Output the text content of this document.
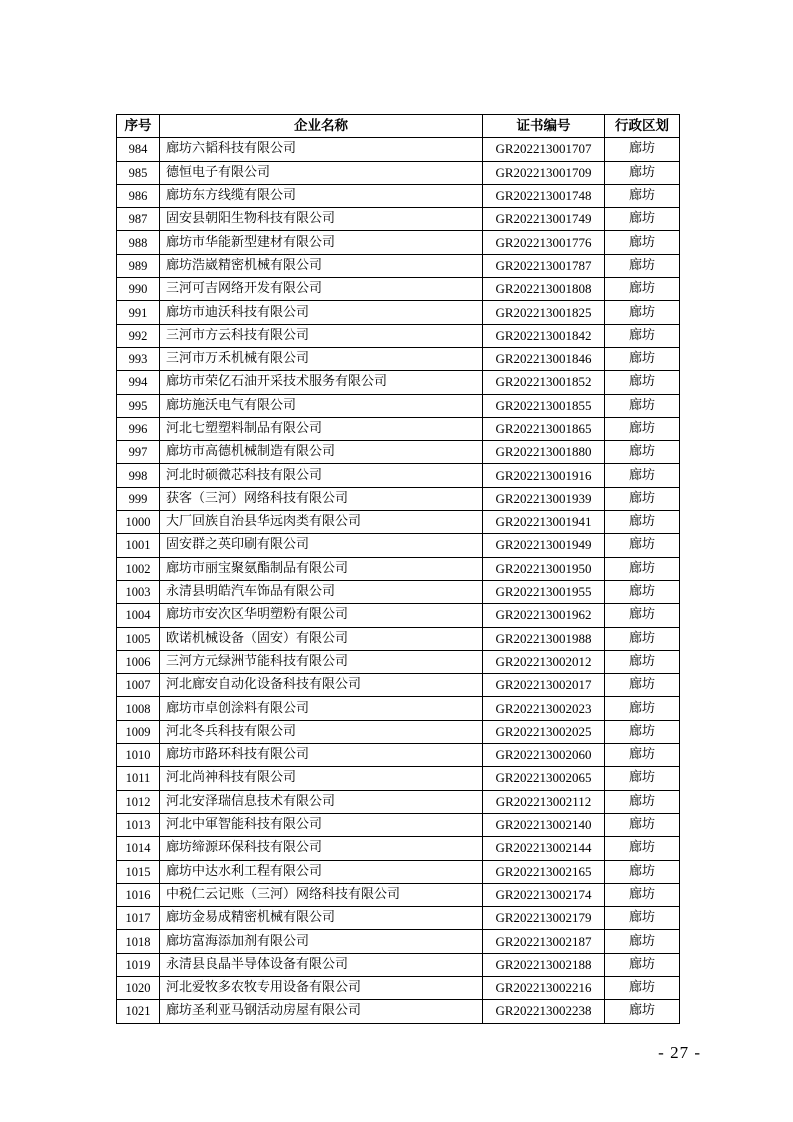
序号	企业名称	证书编号	行政区划
984	廊坊六韬科技有限公司	GR202213001707	廊坊
985	德恒电子有限公司	GR202213001709	廊坊
986	廊坊东方线缆有限公司	GR202213001748	廊坊
987	固安县朝阳生物科技有限公司	GR202213001749	廊坊
988	廊坊市华能新型建材有限公司	GR202213001776	廊坊
989	廊坊浩崴精密机械有限公司	GR202213001787	廊坊
990	三河可吉网络开发有限公司	GR202213001808	廊坊
991	廊坊市迪沃科技有限公司	GR202213001825	廊坊
992	三河市方云科技有限公司	GR202213001842	廊坊
993	三河市万禾机械有限公司	GR202213001846	廊坊
994	廊坊市荣亿石油开采技术服务有限公司	GR202213001852	廊坊
995	廊坊施沃电气有限公司	GR202213001855	廊坊
996	河北七塑塑料制品有限公司	GR202213001865	廊坊
997	廊坊市高德机械制造有限公司	GR202213001880	廊坊
998	河北时硕微芯科技有限公司	GR202213001916	廊坊
999	获客（三河）网络科技有限公司	GR202213001939	廊坊
1000	大厂回族自治县华远肉类有限公司	GR202213001941	廊坊
1001	固安群之英印刷有限公司	GR202213001949	廊坊
1002	廊坊市丽宝聚氨酯制品有限公司	GR202213001950	廊坊
1003	永清县明皓汽车饰品有限公司	GR202213001955	廊坊
1004	廊坊市安次区华明塑粉有限公司	GR202213001962	廊坊
1005	欧诺机械设备（固安）有限公司	GR202213001988	廊坊
1006	三河方元绿洲节能科技有限公司	GR202213002012	廊坊
1007	河北廊安自动化设备科技有限公司	GR202213002017	廊坊
1008	廊坊市卓创涂料有限公司	GR202213002023	廊坊
1009	河北冬兵科技有限公司	GR202213002025	廊坊
1010	廊坊市路环科技有限公司	GR202213002060	廊坊
1011	河北尚神科技有限公司	GR202213002065	廊坊
1012	河北安泽瑞信息技术有限公司	GR202213002112	廊坊
1013	河北中軍智能科技有限公司	GR202213002140	廊坊
1014	廊坊缔源环保科技有限公司	GR202213002144	廊坊
1015	廊坊中达水利工程有限公司	GR202213002165	廊坊
1016	中税仁云记账（三河）网络科技有限公司	GR202213002174	廊坊
1017	廊坊金易成精密机械有限公司	GR202213002179	廊坊
1018	廊坊富海添加剂有限公司	GR202213002187	廊坊
1019	永清县良晶半导体设备有限公司	GR202213002188	廊坊
1020	河北爱牧多农牧专用设备有限公司	GR202213002216	廊坊
1021	廊坊圣利亚马钢活动房屋有限公司	GR202213002238	廊坊
- 27 -
